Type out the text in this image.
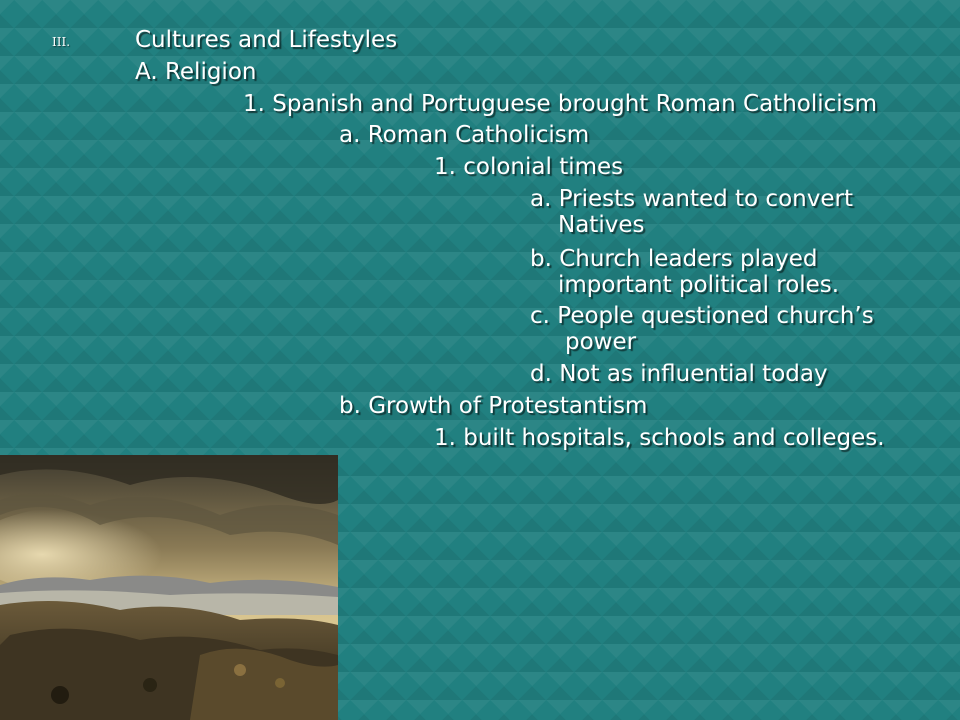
III.	Cultures and Lifestyles
A. Religion
1. Spanish and Portuguese brought Roman Catholicism
a. Roman Catholicism
1. colonial times
a. Priests wanted to convert
Natives
b. Church leaders played
important political roles.
c. People questioned church’s
power
d. Not as influential today
b. Growth of Protestantism
1. built hospitals, schools and colleges.
